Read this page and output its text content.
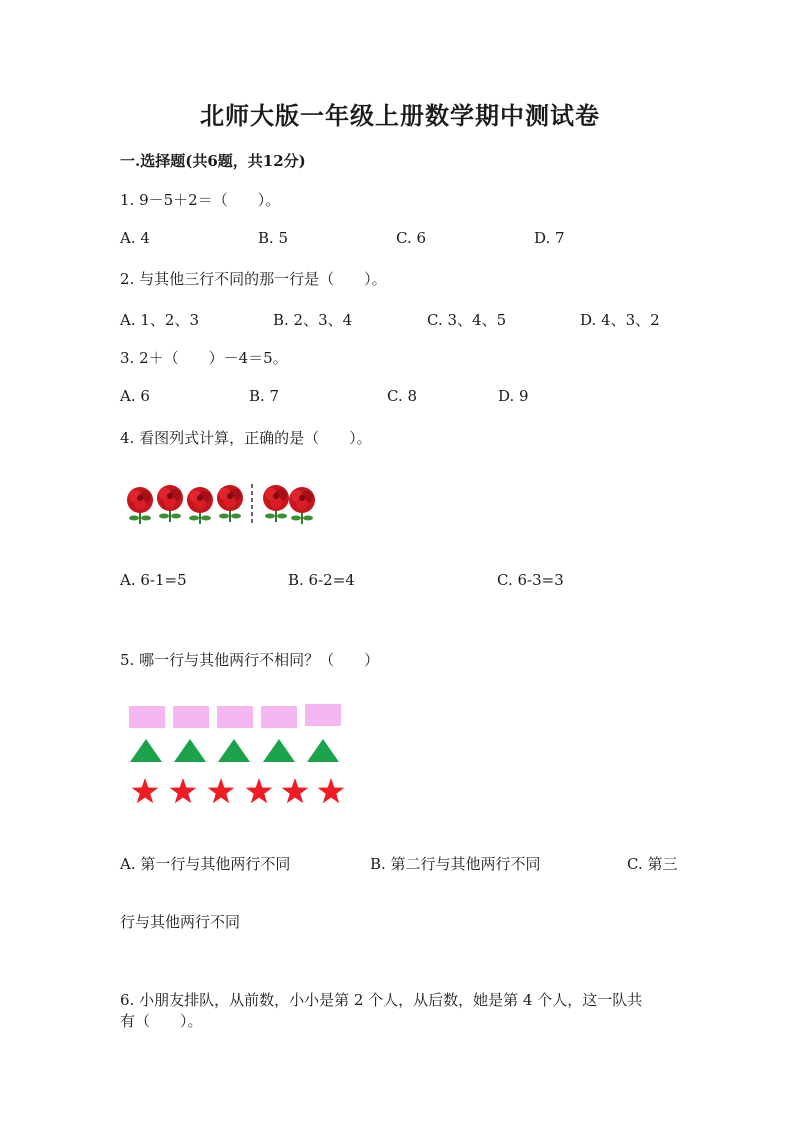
北师大版一年级上册数学期中测试卷
一.选择题(共6题，共12分)
1. 9－5＋2＝（　　）。
A. 4	B. 5	C. 6	D. 7
2. 与其他三行不同的那一行是（　　）。
A. 1、2、3	B. 2、3、4	C. 3、4、5	D. 4、3、2
3. 2＋（　　）－4＝5。
A. 6	B. 7	C. 8	D. 9
4. 看图列式计算，正确的是（　　）。
A. 6-1=5	B. 6-2=4	C. 6-3=3
5. 哪一行与其他两行不相同？（　　）
A. 第一行与其他两行不同	B. 第二行与其他两行不同	C. 第三
行与其他两行不同
6. 小朋友排队，从前数，小小是第 2 个人，从后数，她是第 4 个人，这一队共
有（　　）。
